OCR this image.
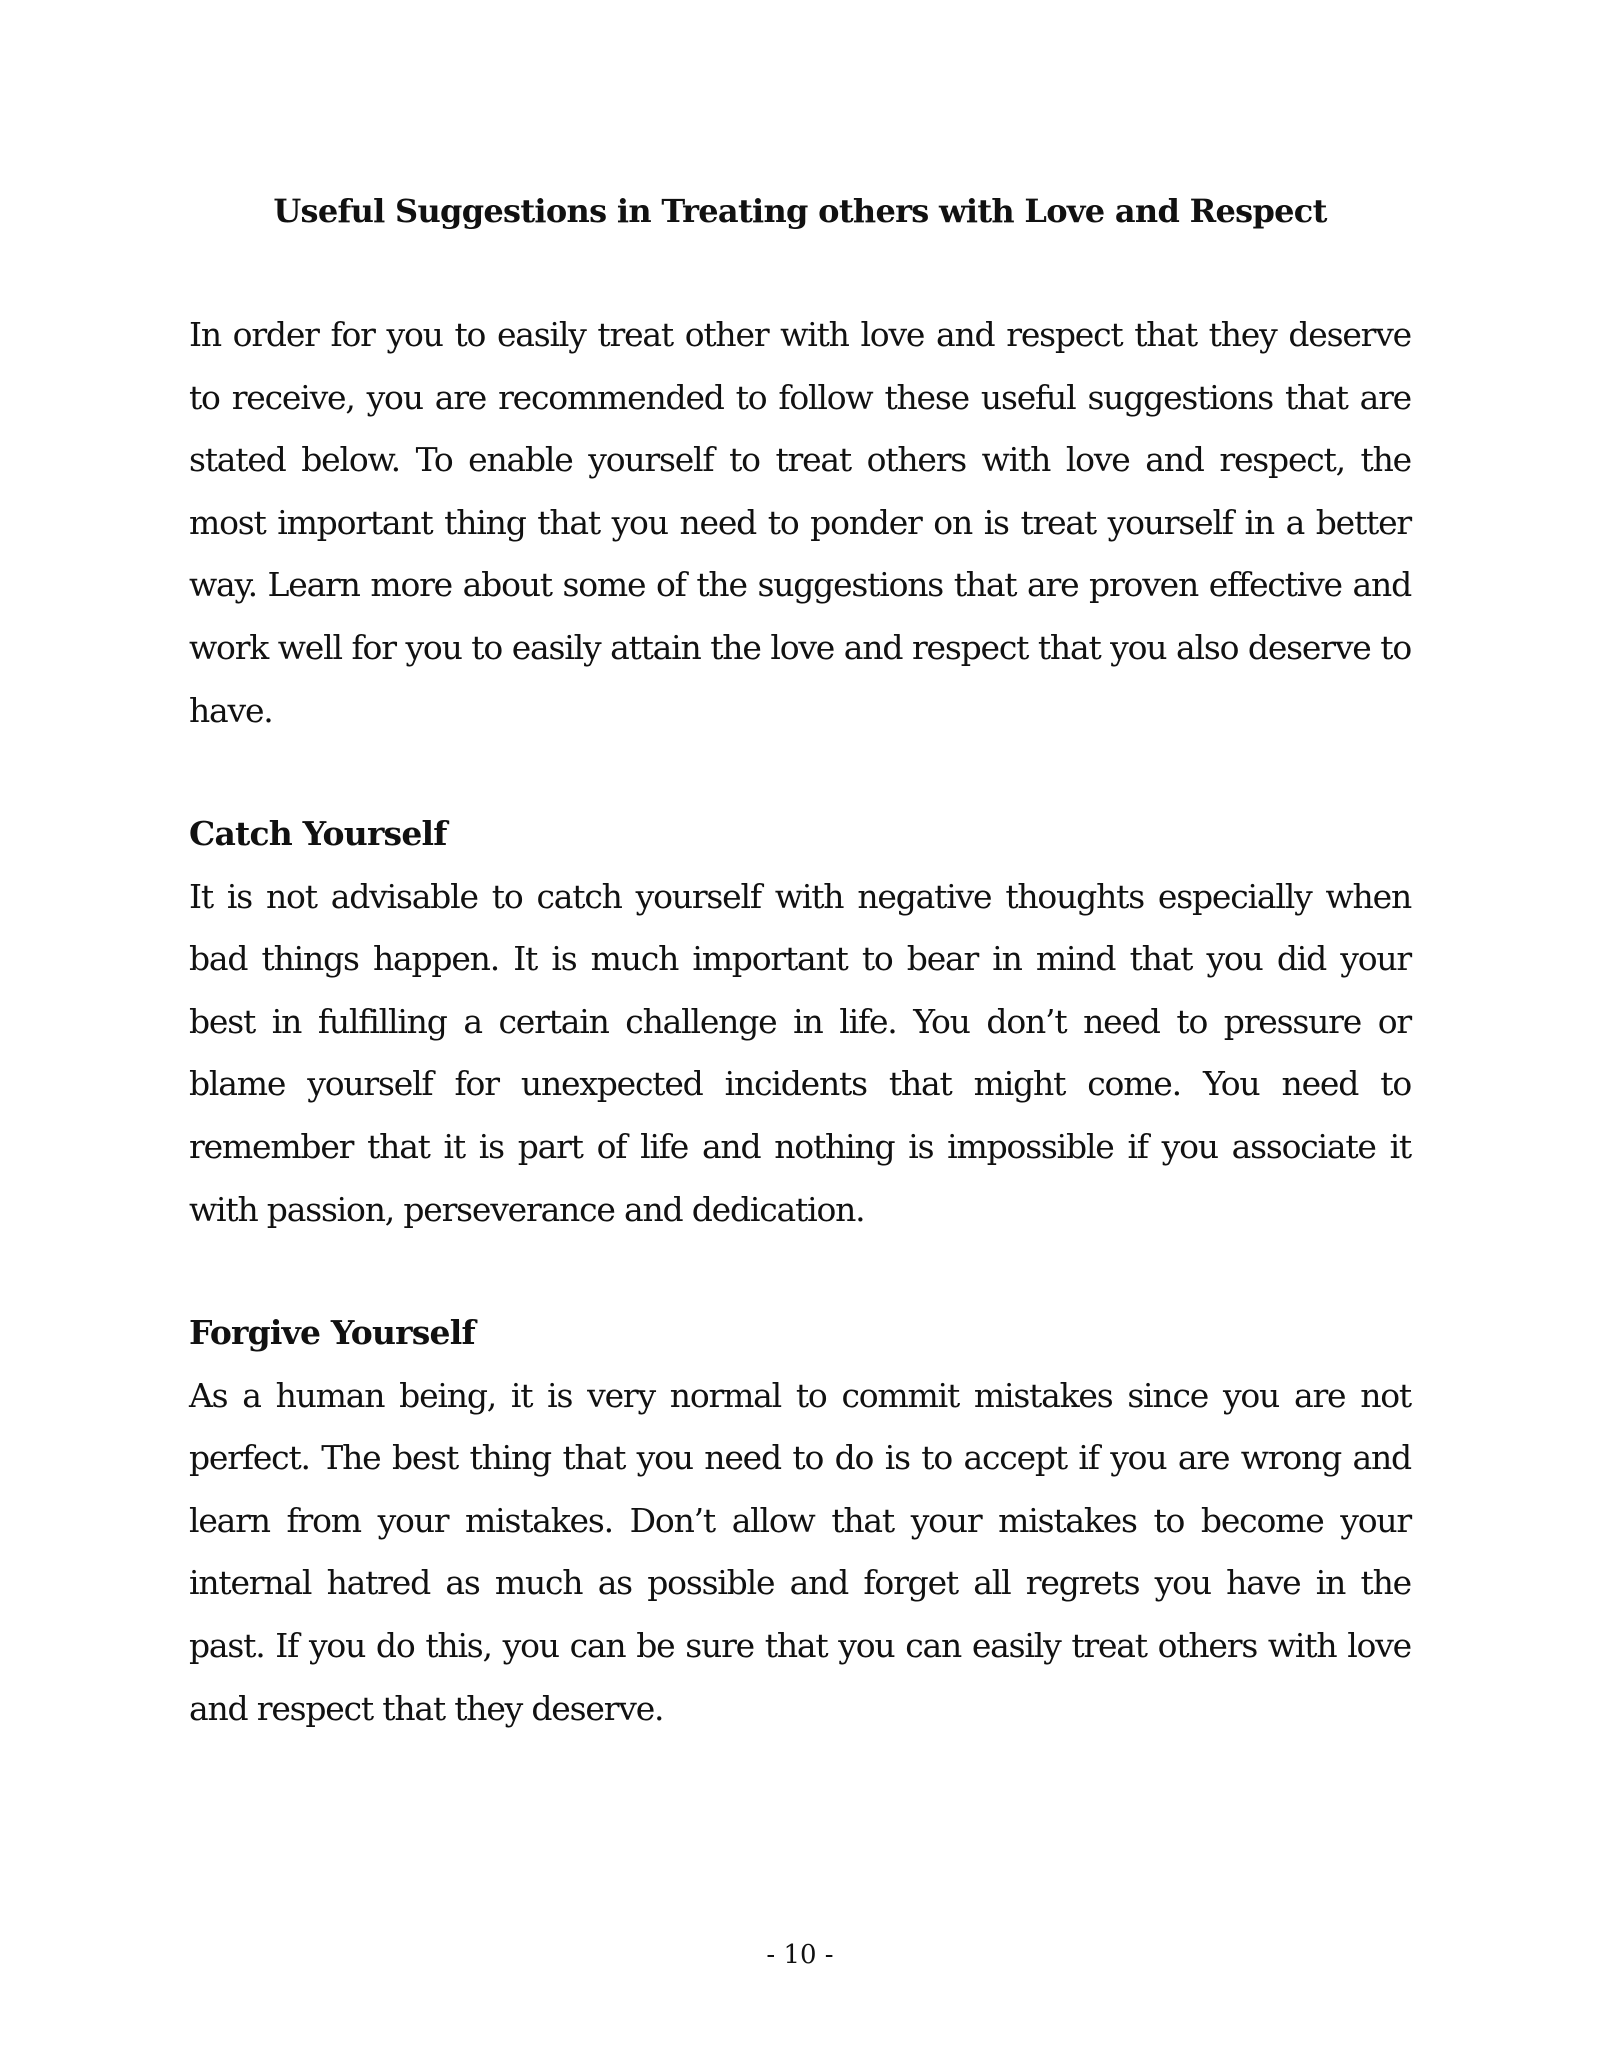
Useful Suggestions in Treating others with Love and Respect

In order for you to easily treat other with love and respect that they deserve to receive, you are recommended to follow these useful suggestions that are stated below. To enable yourself to treat others with love and respect, the most important thing that you need to ponder on is treat yourself in a better way. Learn more about some of the suggestions that are proven effective and work well for you to easily attain the love and respect that you also deserve to have.

Catch Yourself

It is not advisable to catch yourself with negative thoughts especially when bad things happen. It is much important to bear in mind that you did your best in fulfilling a certain challenge in life. You don’t need to pressure or blame yourself for unexpected incidents that might come. You need to remember that it is part of life and nothing is impossible if you associate it with passion, perseverance and dedication.

Forgive Yourself

As a human being, it is very normal to commit mistakes since you are not perfect. The best thing that you need to do is to accept if you are wrong and learn from your mistakes. Don’t allow that your mistakes to become your internal hatred as much as possible and forget all regrets you have in the past. If you do this, you can be sure that you can easily treat others with love and respect that they deserve.

- 10 -
